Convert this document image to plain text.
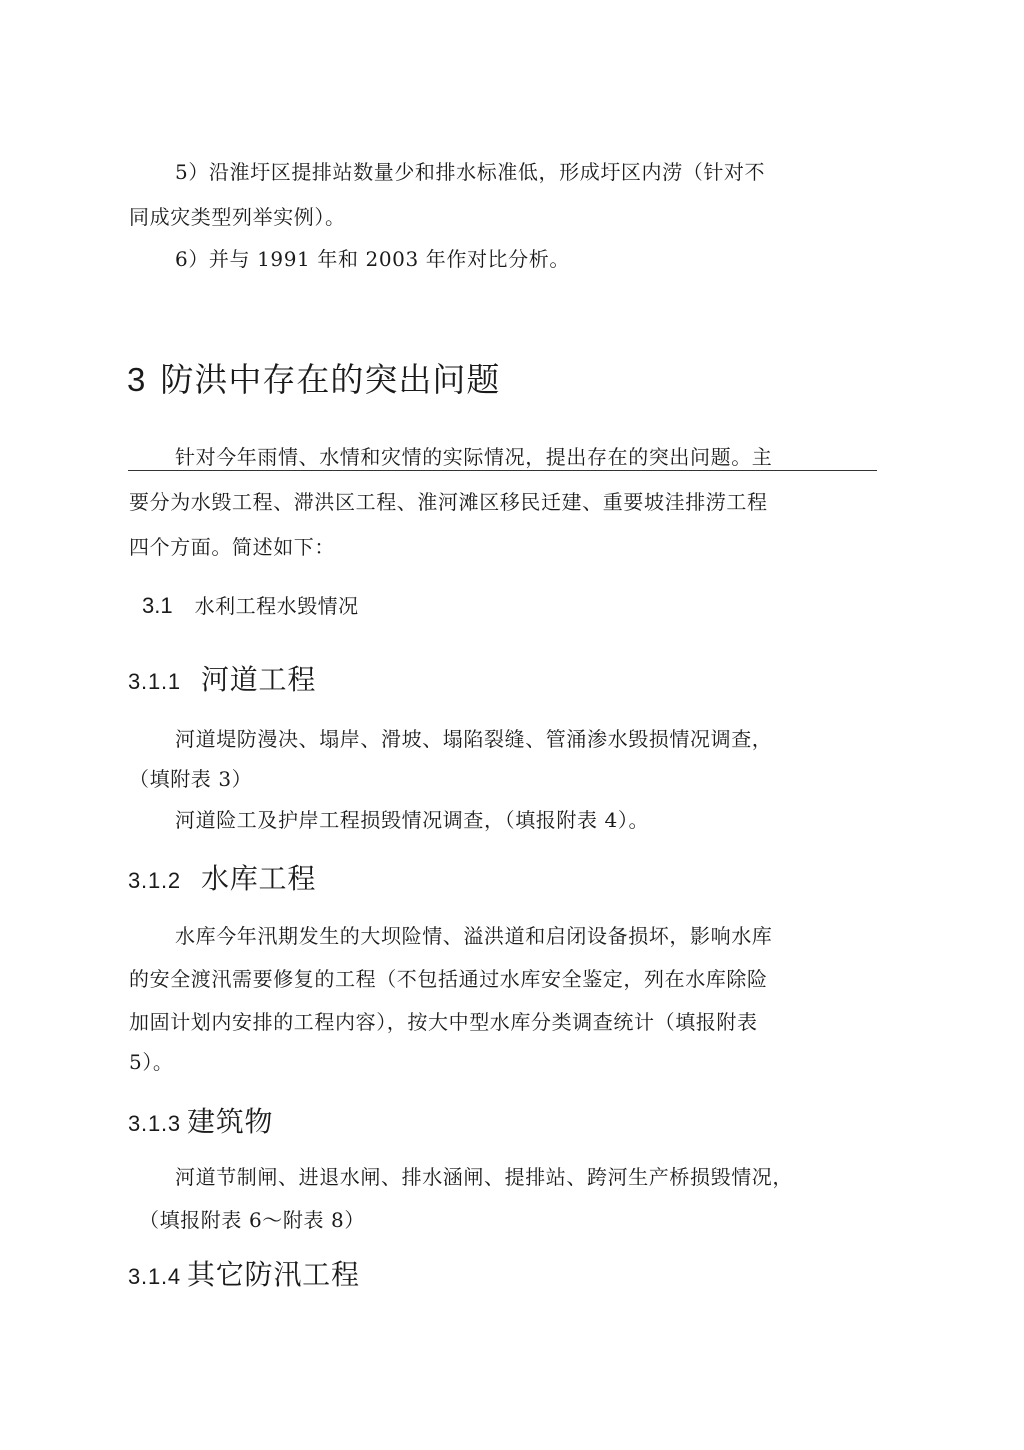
5）沿淮圩区提排站数量少和排水标准低，形成圩区内涝（针对不
同成灾类型列举实例）。
6）并与 1991 年和 2003 年作对比分析。
3 防洪中存在的突出问题
针对今年雨情、水情和灾情的实际情况，提出存在的突出问题。主
要分为水毁工程、滞洪区工程、淮河滩区移民迁建、重要坡洼排涝工程
四个方面。简述如下：
3.1 水利工程水毁情况
3.1.1 河道工程
河道堤防漫决、塌岸、滑坡、塌陷裂缝、管涌渗水毁损情况调查，
（填附表 3）
河道险工及护岸工程损毁情况调查，（填报附表 4）。
3.1.2 水库工程
水库今年汛期发生的大坝险情、溢洪道和启闭设备损坏，影响水库
的安全渡汛需要修复的工程（不包括通过水库安全鉴定，列在水库除险
加固计划内安排的工程内容），按大中型水库分类调查统计（填报附表
5）。
3.1.3 建筑物
河道节制闸、进退水闸、排水涵闸、提排站、跨河生产桥损毁情况，
（填报附表 6～附表 8）
3.1.4 其它防汛工程
